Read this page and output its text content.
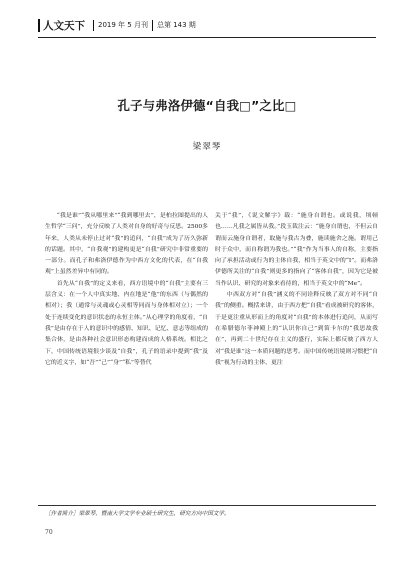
人文天下 2019 年 5 月刊 总第 143 期
孔子与弗洛伊德“自我□”之比□

梁翠琴

“我是谁”“我从哪里来”“我到哪里去”，是柏拉图提出的人生哲学“三问”，充分反映了人类对自身的好奇与反思。2500多年来，人类从未停止过对“我”的追问，“自我”成为了历久弥新的话题。其中，“自我观”的建构更是“自我”研究中非常重要的一部分。而孔子和弗洛伊德作为中西方文化的代表，在“自我观”上虽然差异中有同的。

首先从“自我”的定义来看，西方语境中的“自我”主要有三层含义：在一个人中真实地、内在地是“他”的东西（与偶然的相对）；我（通常与灵魂或心灵相等同而与身体相对立）；一个处于连续变化的意识状态的永恒主体。”从心理学的角度看，“自我”是由存在于人的意识中的感情、知识、记忆、意志等组成的集合体，是由各种社会意识形态构建而成的人格系统。相比之下，中国传统语境很少谈及“自我”，孔子的语录中提到“我”及它的近义字，如“吾”“己”“身”“私”等替代

关于“我”，《说文解字》载：“施身自谓也。或说我，顷顿也……凡我之属皆从我。”段玉裁注云：“施身自谓也，不但云自谓而云施身自谓者，取施与我古为叠，施读施舍之施。谓用己时于众中，而自称谓为我也。”“我”作为当事人的自称，主要指向了承担活动或行为的主体自我，相当于英文中的“I”。而弗洛伊德所关注的“自我”则更多的指向了“客体自我”，因为它是被当作认识、研究的对象来看待的，相当于英文中的“Me”。

中西双方对“自我”涵义的不同诠释反映了双方对不同“自我”的侧重。概括来讲，由于西方把“自我”看成被研究的客体，于是更注重从形而上的角度对“自我”的本体进行追问，从而写在希腊德尔菲神殿上的“认识你自己”到笛卡尔的“我思故我在”，再到二十世纪存在主义的盛行，实际上都反映了西方人对“我是谁”这一本质问题的思考。而中国传统语境则习惯把“自我”视为行动的主体，更注

［作者简介］梁翠琴，暨南大学文学专业硕士研究生，研究方向中国文学。

70
